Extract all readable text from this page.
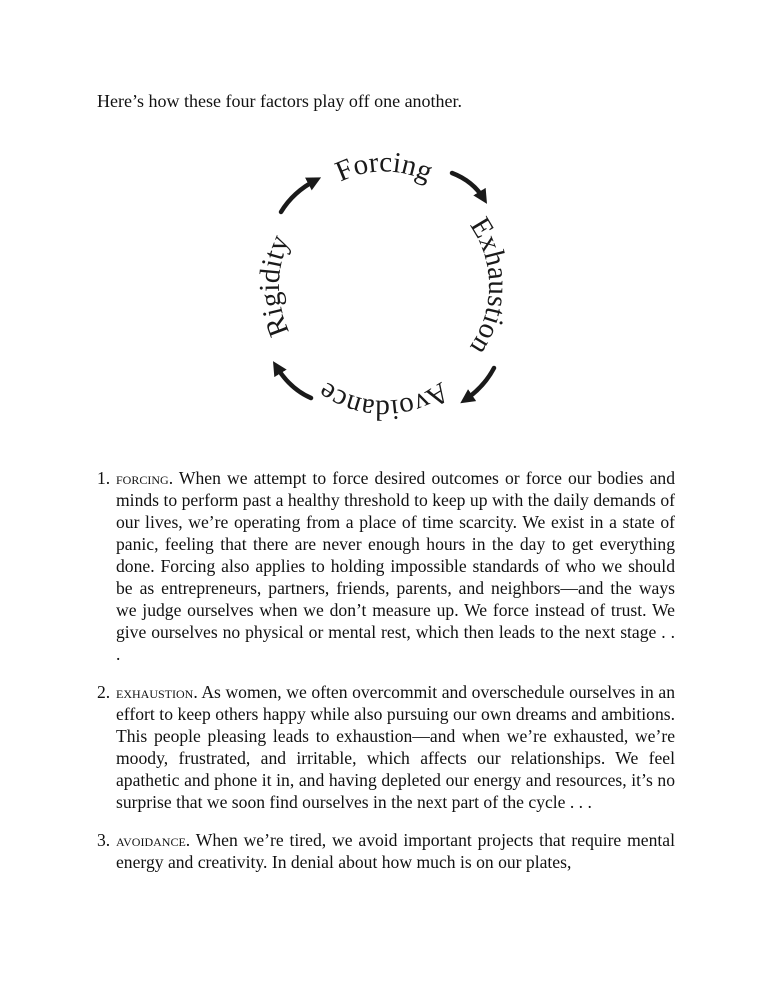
Here’s how these four factors play off one another.

Forcing
Exhaustion
Avoidance
Rigidity
1. forcing. When we attempt to force desired outcomes or force our bodies and minds to perform past a healthy threshold to keep up with the daily demands of our lives, we’re operating from a place of time scarcity. We exist in a state of panic, feeling that there are never enough hours in the day to get everything done. Forcing also applies to holding impossible standards of who we should be as entrepreneurs, partners, friends, parents, and neighbors—and the ways we judge ourselves when we don’t measure up. We force instead of trust. We give ourselves no physical or mental rest, which then leads to the next stage . . .
2. exhaustion. As women, we often overcommit and overschedule ourselves in an effort to keep others happy while also pursuing our own dreams and ambitions. This people pleasing leads to exhaustion—and when we’re exhausted, we’re moody, frustrated, and irritable, which affects our relationships. We feel apathetic and phone it in, and having depleted our energy and resources, it’s no surprise that we soon find ourselves in the next part of the cycle . . .
3. avoidance. When we’re tired, we avoid important projects that require mental energy and creativity. In denial about how much is on our plates,
